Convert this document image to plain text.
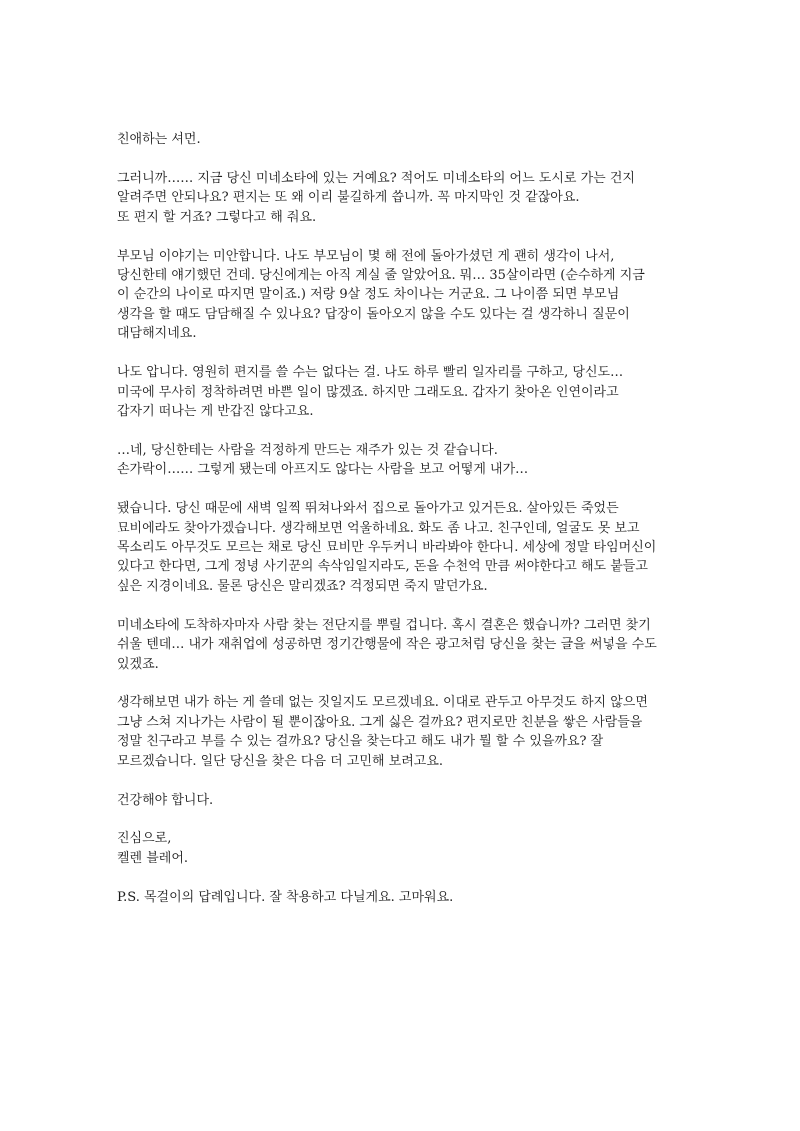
친애하는 셔먼.

그러니까…… 지금 당신 미네소타에 있는 거예요? 적어도 미네소타의 어느 도시로 가는 건지
알려주면 안되나요? 편지는 또 왜 이리 불길하게 씁니까. 꼭 마지막인 것 같잖아요.
또 편지 할 거죠? 그렇다고 해 줘요.

부모님 이야기는 미안합니다. 나도 부모님이 몇 해 전에 돌아가셨던 게 괜히 생각이 나서,
당신한테 얘기했던 건데. 당신에게는 아직 계실 줄 알았어요. 뭐… 35살이라면 (순수하게 지금
이 순간의 나이로 따지면 말이죠.) 저랑 9살 정도 차이나는 거군요. 그 나이쯤 되면 부모님
생각을 할 때도 담담해질 수 있나요? 답장이 돌아오지 않을 수도 있다는 걸 생각하니 질문이
대담해지네요.

나도 압니다. 영원히 편지를 쓸 수는 없다는 걸. 나도 하루 빨리 일자리를 구하고, 당신도…
미국에 무사히 정착하려면 바쁜 일이 많겠죠. 하지만 그래도요. 갑자기 찾아온 인연이라고
갑자기 떠나는 게 반갑진 않다고요.

…네, 당신한테는 사람을 걱정하게 만드는 재주가 있는 것 같습니다.
손가락이…… 그렇게 됐는데 아프지도 않다는 사람을 보고 어떻게 내가…

됐습니다. 당신 때문에 새벽 일찍 뛰쳐나와서 집으로 돌아가고 있거든요. 살아있든 죽었든
묘비에라도 찾아가겠습니다. 생각해보면 억울하네요. 화도 좀 나고. 친구인데, 얼굴도 못 보고
목소리도 아무것도 모르는 채로 당신 묘비만 우두커니 바라봐야 한다니. 세상에 정말 타임머신이
있다고 한다면, 그게 정녕 사기꾼의 속삭임일지라도, 돈을 수천억 만큼 써야한다고 해도 붙들고
싶은 지경이네요. 물론 당신은 말리겠죠? 걱정되면 죽지 말던가요.

미네소타에 도착하자마자 사람 찾는 전단지를 뿌릴 겁니다. 혹시 결혼은 했습니까? 그러면 찾기
쉬울 텐데… 내가 재취업에 성공하면 정기간행물에 작은 광고처럼 당신을 찾는 글을 써넣을 수도
있겠죠.

생각해보면 내가 하는 게 쓸데 없는 짓일지도 모르겠네요. 이대로 관두고 아무것도 하지 않으면
그냥 스쳐 지나가는 사람이 될 뿐이잖아요. 그게 싫은 걸까요? 편지로만 친분을 쌓은 사람들을
정말 친구라고 부를 수 있는 걸까요? 당신을 찾는다고 해도 내가 뭘 할 수 있을까요? 잘
모르겠습니다. 일단 당신을 찾은 다음 더 고민해 보려고요.

건강해야 합니다.

진심으로,
켈렌 블레어.

P.S. 목걸이의 답례입니다. 잘 착용하고 다닐게요. 고마워요.
